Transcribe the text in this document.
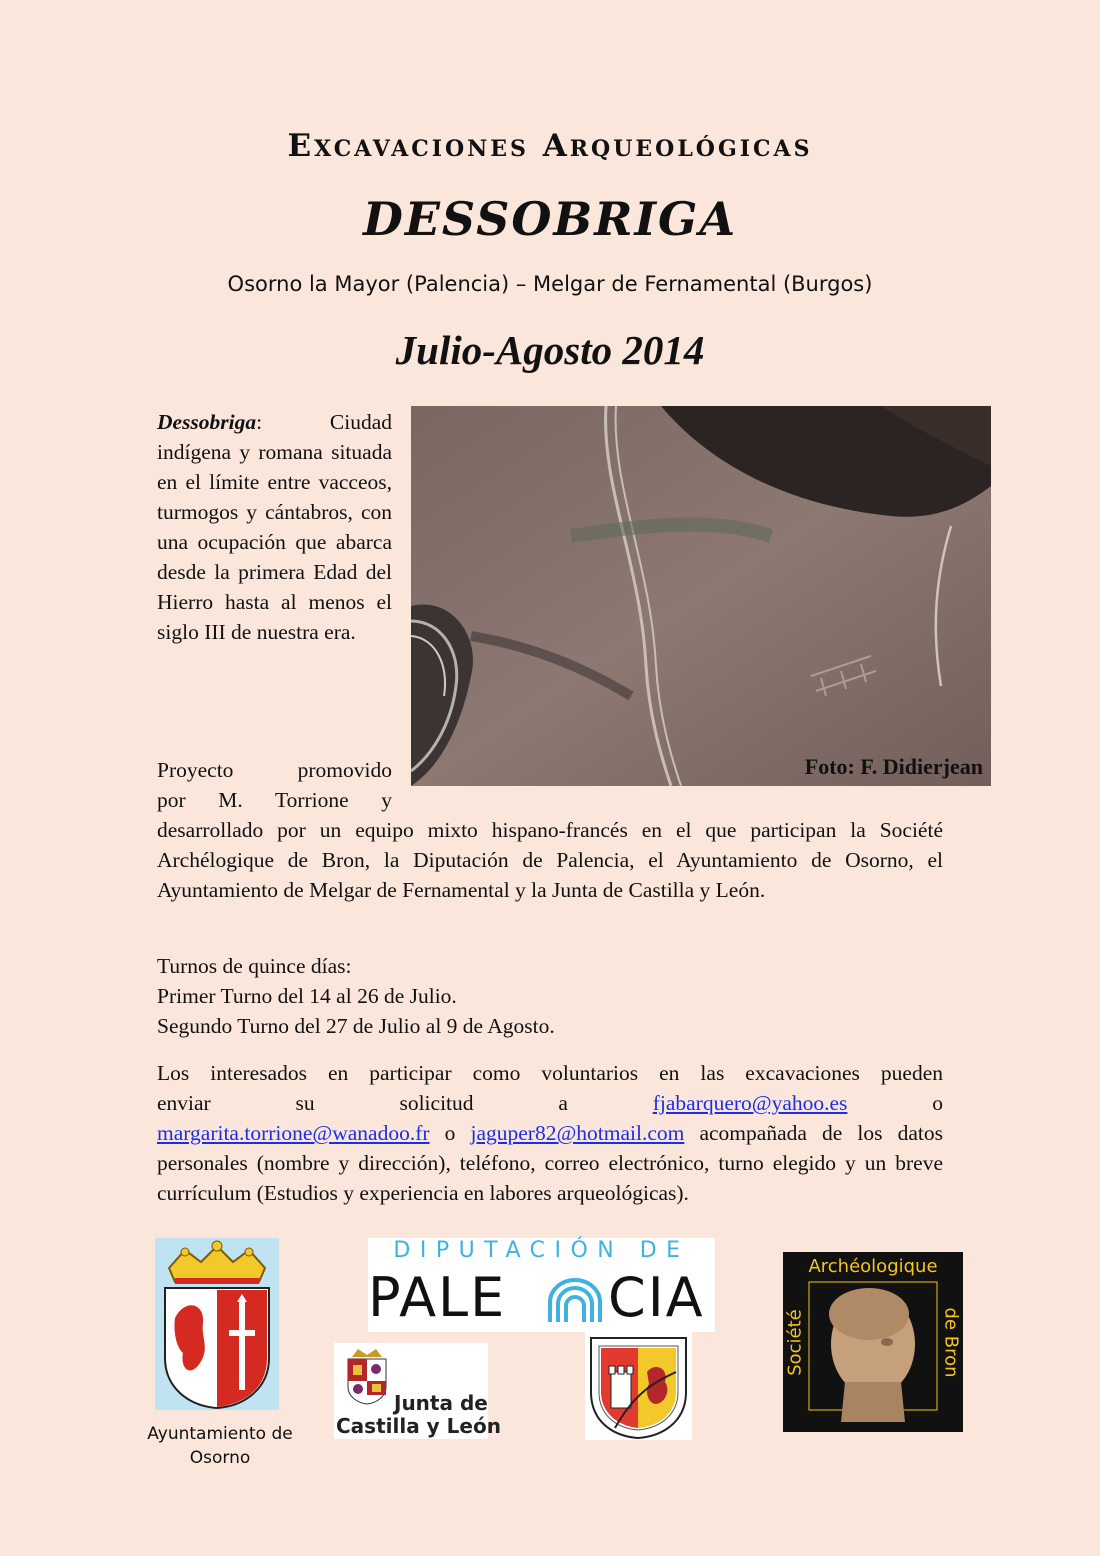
Excavaciones Arqueológicas
DESSOBRIGA
Osorno la Mayor (Palencia) – Melgar de Fernamental (Burgos)
Julio-Agosto 2014
Dessobriga: Ciudad indígena y romana situada en el límite entre vacceos, turmogos y cántabros, con una ocupación que abarca desde la primera Edad del Hierro hasta al menos el siglo III de nuestra era.
Foto: F. Didierjean
Proyecto promovido
por M. Torrione y
desarrollado por un equipo mixto hispano-francés en el que participan la Société Archélogique de Bron, la Diputación de Palencia, el Ayuntamiento de Osorno, el Ayuntamiento de Melgar de Fernamental y la Junta de Castilla y León.
Turnos de quince días:
Primer Turno del 14 al 26 de Julio.
Segundo Turno del 27 de Julio al 9 de Agosto.
Los interesados en participar como voluntarios en las excavaciones pueden
enviar	su	solicitud	a	fjabarquero@yahoo.es	o
margarita.torrione@wanadoo.fr o jaguper82@hotmail.com acompañada de los datos personales (nombre y dirección), teléfono, correo electrónico, turno elegido y un breve currículum (Estudios y experiencia en labores arqueológicas).
Ayuntamiento de
Osorno
DIPUTACIÓN DE
PALE CIA
Junta de
Castilla y León
Archéologique
Société	de Bron
